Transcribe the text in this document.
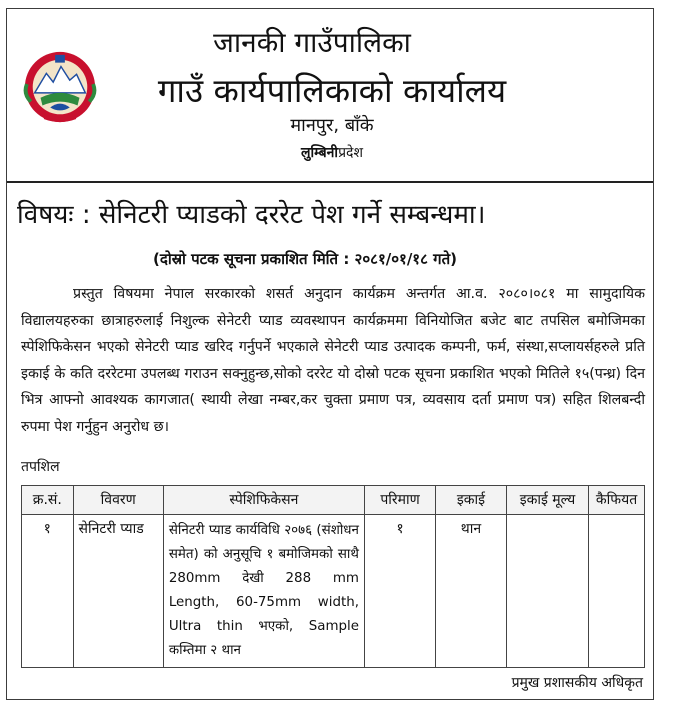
जानकी गाउँपालिका
गाउँ कार्यपालिकाको कार्यालय
मानपुर, बाँके
लुम्बिनीप्रदेश
विषयः : सेनिटरी प्याडको दररेट पेश गर्ने सम्बन्धमा।
(दोस्रो पटक सूचना प्रकाशित मिति : २०८१/०१/१८ गते)
प्रस्तुत विषयमा नेपाल सरकारको शसर्त अनुदान कार्यक्रम अन्तर्गत आ.व. २०८०।०८१ मा सामुदायिक विद्यालयहरुका छात्राहरुलाई निशुल्क सेनेटरी प्याड व्यवस्थापन कार्यक्रममा विनियोजित बजेट बाट तपसिल बमोजिमका स्पेशिफिकेसन भएको सेनेटरी प्याड खरिद गर्नुपर्ने भएकाले सेनेटरी प्याड उत्पादक कम्पनी, फर्म, संस्था,सप्लायर्सहरुले प्रति इकाई के कति दररेटमा उपलब्ध गराउन सक्नुहुन्छ,सोको दररेट यो दोस्रो पटक सूचना प्रकाशित भएको मितिले १५(पन्ध्र) दिन भित्र आफ्नो आवश्यक कागजात( स्थायी लेखा नम्बर,कर चुक्ता प्रमाण पत्र, व्यवसाय दर्ता प्रमाण पत्र) सहित शिलबन्दी रुपमा पेश गर्नुहुन अनुरोध छ।
तपशिल
क्र.सं.	विवरण	स्पेशिफिकेसन	परिमाण	इकाई	इकाई मूल्य	कैफियत
१	सेनिटरी प्याड	सेनिटरी प्याड कार्यविधि २०७६ (संशोधन समेत) को अनुसूचि १ बमोजिमको साथै 280mm देखी 288 mm Length, 60-75mm width, Ultra thin भएको, Sample कम्तिमा २ थान	१	थान		
प्रमुख प्रशासकीय अधिकृत
